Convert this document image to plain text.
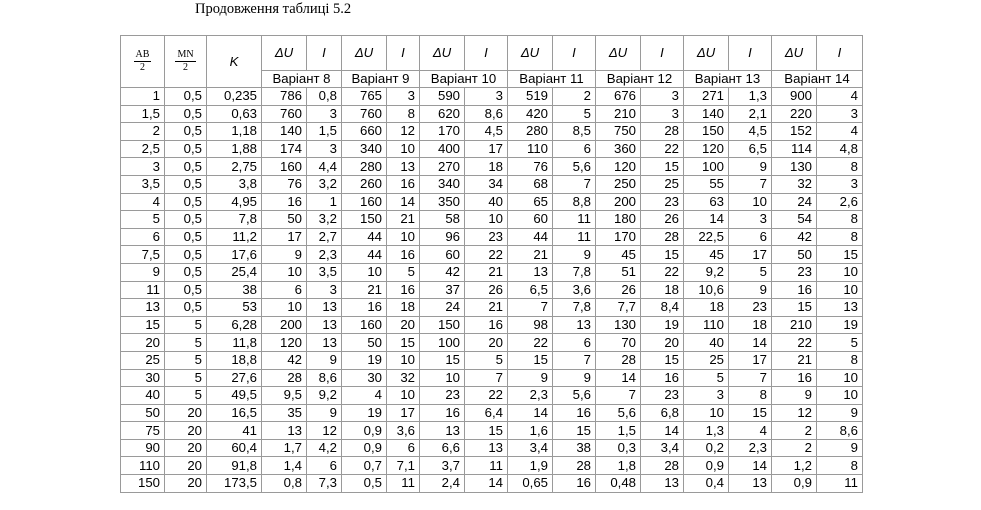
Продовження таблиці 5.2
$\frac{AB}{2}$	$\frac{MN}{2}$	K	ΔU	I	ΔU	I	ΔU	I	ΔU	I	ΔU	I	ΔU	I	ΔU	I
			Варіант 8		Варіант 9		Варіант 10		Варіант 11		Варіант 12		Варіант 13		Варіант 14	
1	0,5	0,235	786	0,8	765	3	590	3	519	2	676	3	271	1,3	900	4
1,5	0,5	0,63	760	3	760	8	620	8,6	420	5	210	3	140	2,1	220	3
2	0,5	1,18	140	1,5	660	12	170	4,5	280	8,5	750	28	150	4,5	152	4
2,5	0,5	1,88	174	3	340	10	400	17	110	6	360	22	120	6,5	114	4,8
3	0,5	2,75	160	4,4	280	13	270	18	76	5,6	120	15	100	9	130	8
3,5	0,5	3,8	76	3,2	260	16	340	34	68	7	250	25	55	7	32	3
4	0,5	4,95	16	1	160	14	350	40	65	8,8	200	23	63	10	24	2,6
5	0,5	7,8	50	3,2	150	21	58	10	60	11	180	26	14	3	54	8
6	0,5	11,2	17	2,7	44	10	96	23	44	11	170	28	22,5	6	42	8
7,5	0,5	17,6	9	2,3	44	16	60	22	21	9	45	15	45	17	50	15
9	0,5	25,4	10	3,5	10	5	42	21	13	7,8	51	22	9,2	5	23	10
11	0,5	38	6	3	21	16	37	26	6,5	3,6	26	18	10,6	9	16	10
13	0,5	53	10	13	16	18	24	21	7	7,8	7,7	8,4	18	23	15	13
15	5	6,28	200	13	160	20	150	16	98	13	130	19	110	18	210	19
20	5	11,8	120	13	50	15	100	20	22	6	70	20	40	14	22	5
25	5	18,8	42	9	19	10	15	5	15	7	28	15	25	17	21	8
30	5	27,6	28	8,6	30	32	10	7	9	9	14	16	5	7	16	10
40	5	49,5	9,5	9,2	4	10	23	22	2,3	5,6	7	23	3	8	9	10
50	20	16,5	35	9	19	17	16	6,4	14	16	5,6	6,8	10	15	12	9
75	20	41	13	12	0,9	3,6	13	15	1,6	15	1,5	14	1,3	4	2	8,6
90	20	60,4	1,7	4,2	0,9	6	6,6	13	3,4	38	0,3	3,4	0,2	2,3	2	9
110	20	91,8	1,4	6	0,7	7,1	3,7	11	1,9	28	1,8	28	0,9	14	1,2	8
150	20	173,5	0,8	7,3	0,5	11	2,4	14	0,65	16	0,48	13	0,4	13	0,9	11
